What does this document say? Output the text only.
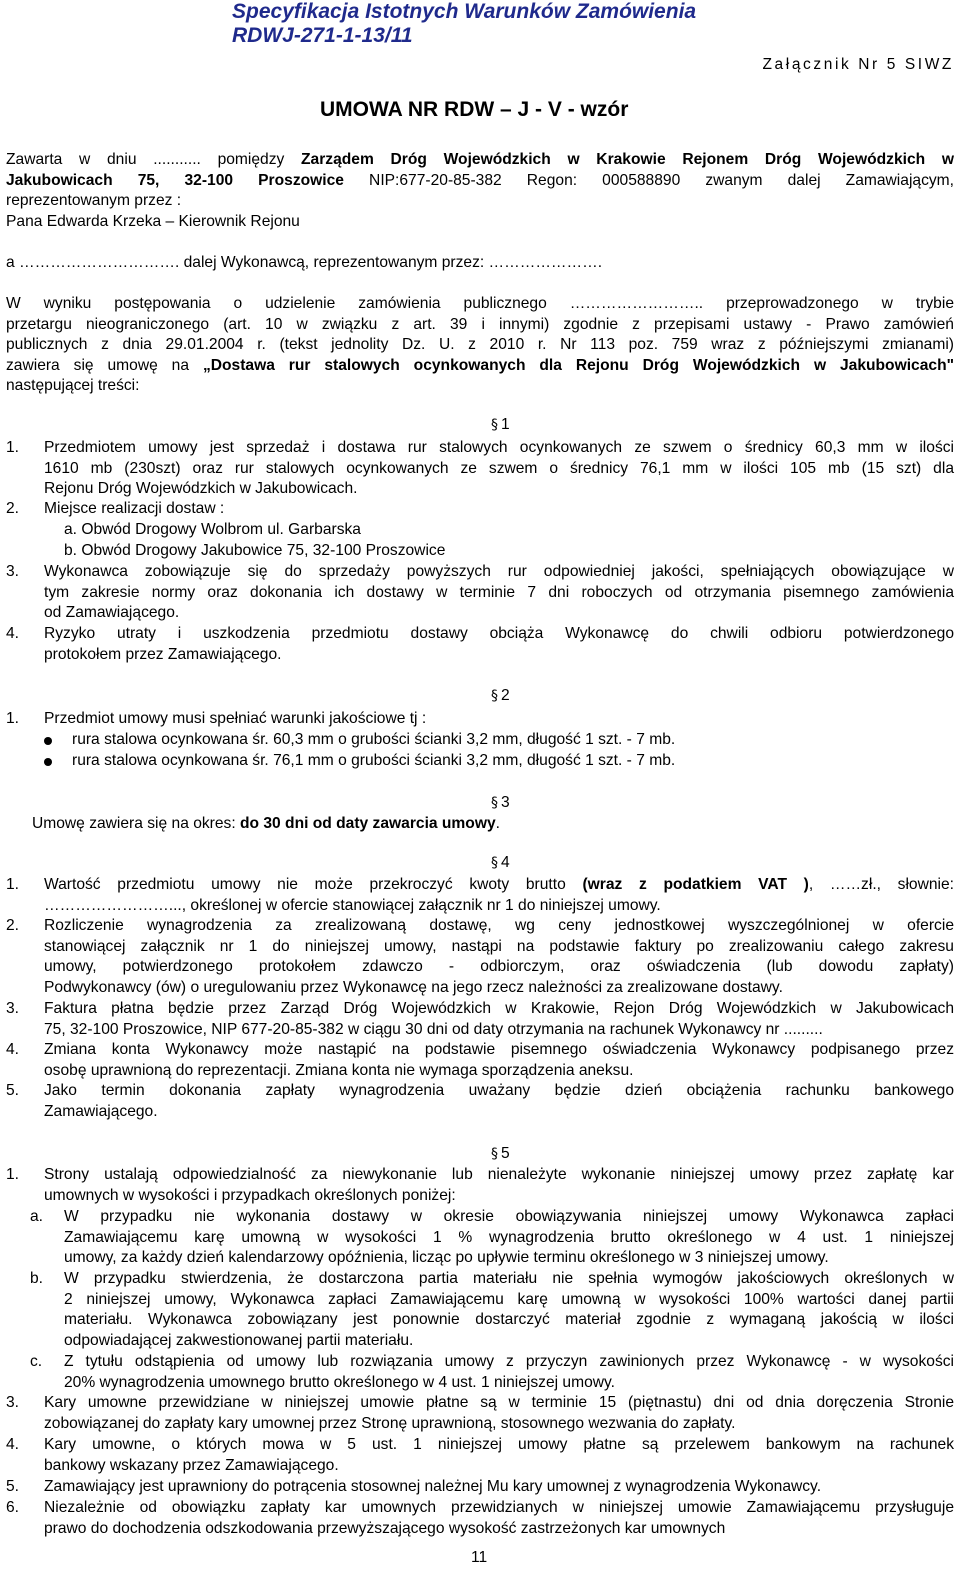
Specyfikacja Istotnych Warunków Zamówienia
RDWJ-271-1-13/11
Załącznik Nr 5 SIWZ
UMOWA NR RDW – J - V - wzór
Zawarta w dniu ........... pomiędzy Zarządem Dróg Wojewódzkich w Krakowie Rejonem Dróg Wojewódzkich w
Jakubowicach 75, 32-100 Proszowice NIP:677-20-85-382 Regon: 000588890 zwanym dalej Zamawiającym,
reprezentowanym przez :
Pana Edwarda Krzeka – Kierownik Rejonu
a …………………………. dalej Wykonawcą, reprezentowanym przez: ………………….
W wyniku postępowania o udzielenie zamówienia publicznego …………………….. przeprowadzonego w trybie
przetargu nieograniczonego (art. 10 w związku z art. 39 i innymi) zgodnie z przepisami ustawy - Prawo zamówień
publicznych z dnia 29.01.2004 r. (tekst jednolity Dz. U. z 2010 r. Nr 113 poz. 759 wraz z późniejszymi zmianami)
zawiera się umowę na „Dostawa rur stalowych ocynkowanych dla Rejonu Dróg Wojewódzkich w Jakubowicach"
następującej treści:
§ 1
1. Przedmiotem umowy jest sprzedaż i dostawa rur stalowych ocynkowanych ze szwem o średnicy 60,3 mm w ilości
1610 mb (230szt) oraz rur stalowych ocynkowanych ze szwem o średnicy 76,1 mm w ilości 105 mb (15 szt) dla
Rejonu Dróg Wojewódzkich w Jakubowicach.
2. Miejsce realizacji dostaw :
a. Obwód Drogowy Wolbrom ul. Garbarska
b. Obwód Drogowy Jakubowice 75, 32-100 Proszowice
3. Wykonawca zobowiązuje się do sprzedaży powyższych rur odpowiedniej jakości, spełniających obowiązujące w
tym zakresie normy oraz dokonania ich dostawy w terminie 7 dni roboczych od otrzymania pisemnego zamówienia
od Zamawiającego.
4. Ryzyko utraty i uszkodzenia przedmiotu dostawy obciąża Wykonawcę do chwili odbioru potwierdzonego
protokołem przez Zamawiającego.
§ 2
1. Przedmiot umowy musi spełniać warunki jakościowe tj :
rura stalowa ocynkowana śr. 60,3 mm o grubości ścianki 3,2 mm, długość 1 szt. - 7 mb.
rura stalowa ocynkowana śr. 76,1 mm o grubości ścianki 3,2 mm, długość 1 szt. - 7 mb.
§ 3
Umowę zawiera się na okres: do 30 dni od daty zawarcia umowy.
§ 4
1. Wartość przedmiotu umowy nie może przekroczyć kwoty brutto (wraz z podatkiem VAT ), ……zł., słownie:
……………………..., określonej w ofercie stanowiącej załącznik nr 1 do niniejszej umowy.
2. Rozliczenie wynagrodzenia za zrealizowaną dostawę, wg ceny jednostkowej wyszczególnionej w ofercie
stanowiącej załącznik nr 1 do niniejszej umowy, nastąpi na podstawie faktury po zrealizowaniu całego zakresu
umowy, potwierdzonego protokołem zdawczo - odbiorczym, oraz oświadczenia (lub dowodu zapłaty)
Podwykonawcy (ów) o uregulowaniu przez Wykonawcę na jego rzecz należności za zrealizowane dostawy.
3. Faktura płatna będzie przez Zarząd Dróg Wojewódzkich w Krakowie, Rejon Dróg Wojewódzkich w Jakubowicach
75, 32-100 Proszowice, NIP 677-20-85-382 w ciągu 30 dni od daty otrzymania na rachunek Wykonawcy nr .........
4. Zmiana konta Wykonawcy może nastąpić na podstawie pisemnego oświadczenia Wykonawcy podpisanego przez
osobę uprawnioną do reprezentacji. Zmiana konta nie wymaga sporządzenia aneksu.
5. Jako termin dokonania zapłaty wynagrodzenia uważany będzie dzień obciążenia rachunku bankowego
Zamawiającego.
§ 5
1. Strony ustalają odpowiedzialność za niewykonanie lub nienależyte wykonanie niniejszej umowy przez zapłatę kar
umownych w wysokości i przypadkach określonych poniżej:
a. W przypadku nie wykonania dostawy w okresie obowiązywania niniejszej umowy Wykonawca zapłaci
Zamawiającemu karę umowną w wysokości 1 % wynagrodzenia brutto określonego w 4 ust. 1 niniejszej
umowy, za każdy dzień kalendarzowy opóźnienia, licząc po upływie terminu określonego w 3 niniejszej umowy.
b. W przypadku stwierdzenia, że dostarczona partia materiału nie spełnia wymogów jakościowych określonych w
2 niniejszej umowy, Wykonawca zapłaci Zamawiającemu karę umowną w wysokości 100% wartości danej partii
materiału. Wykonawca zobowiązany jest ponownie dostarczyć materiał zgodnie z wymaganą jakością w ilości
odpowiadającej zakwestionowanej partii materiału.
c. Z tytułu odstąpienia od umowy lub rozwiązania umowy z przyczyn zawinionych przez Wykonawcę - w wysokości
20% wynagrodzenia umownego brutto określonego w 4 ust. 1 niniejszej umowy.
3. Kary umowne przewidziane w niniejszej umowie płatne są w terminie 15 (piętnastu) dni od dnia doręczenia Stronie
zobowiązanej do zapłaty kary umownej przez Stronę uprawnioną, stosownego wezwania do zapłaty.
4. Kary umowne, o których mowa w 5 ust. 1 niniejszej umowy płatne są przelewem bankowym na rachunek
bankowy wskazany przez Zamawiającego.
5. Zamawiający jest uprawniony do potrącenia stosownej należnej Mu kary umownej z wynagrodzenia Wykonawcy.
6. Niezależnie od obowiązku zapłaty kar umownych przewidzianych w niniejszej umowie Zamawiającemu przysługuje
prawo do dochodzenia odszkodowania przewyższającego wysokość zastrzeżonych kar umownych
11
